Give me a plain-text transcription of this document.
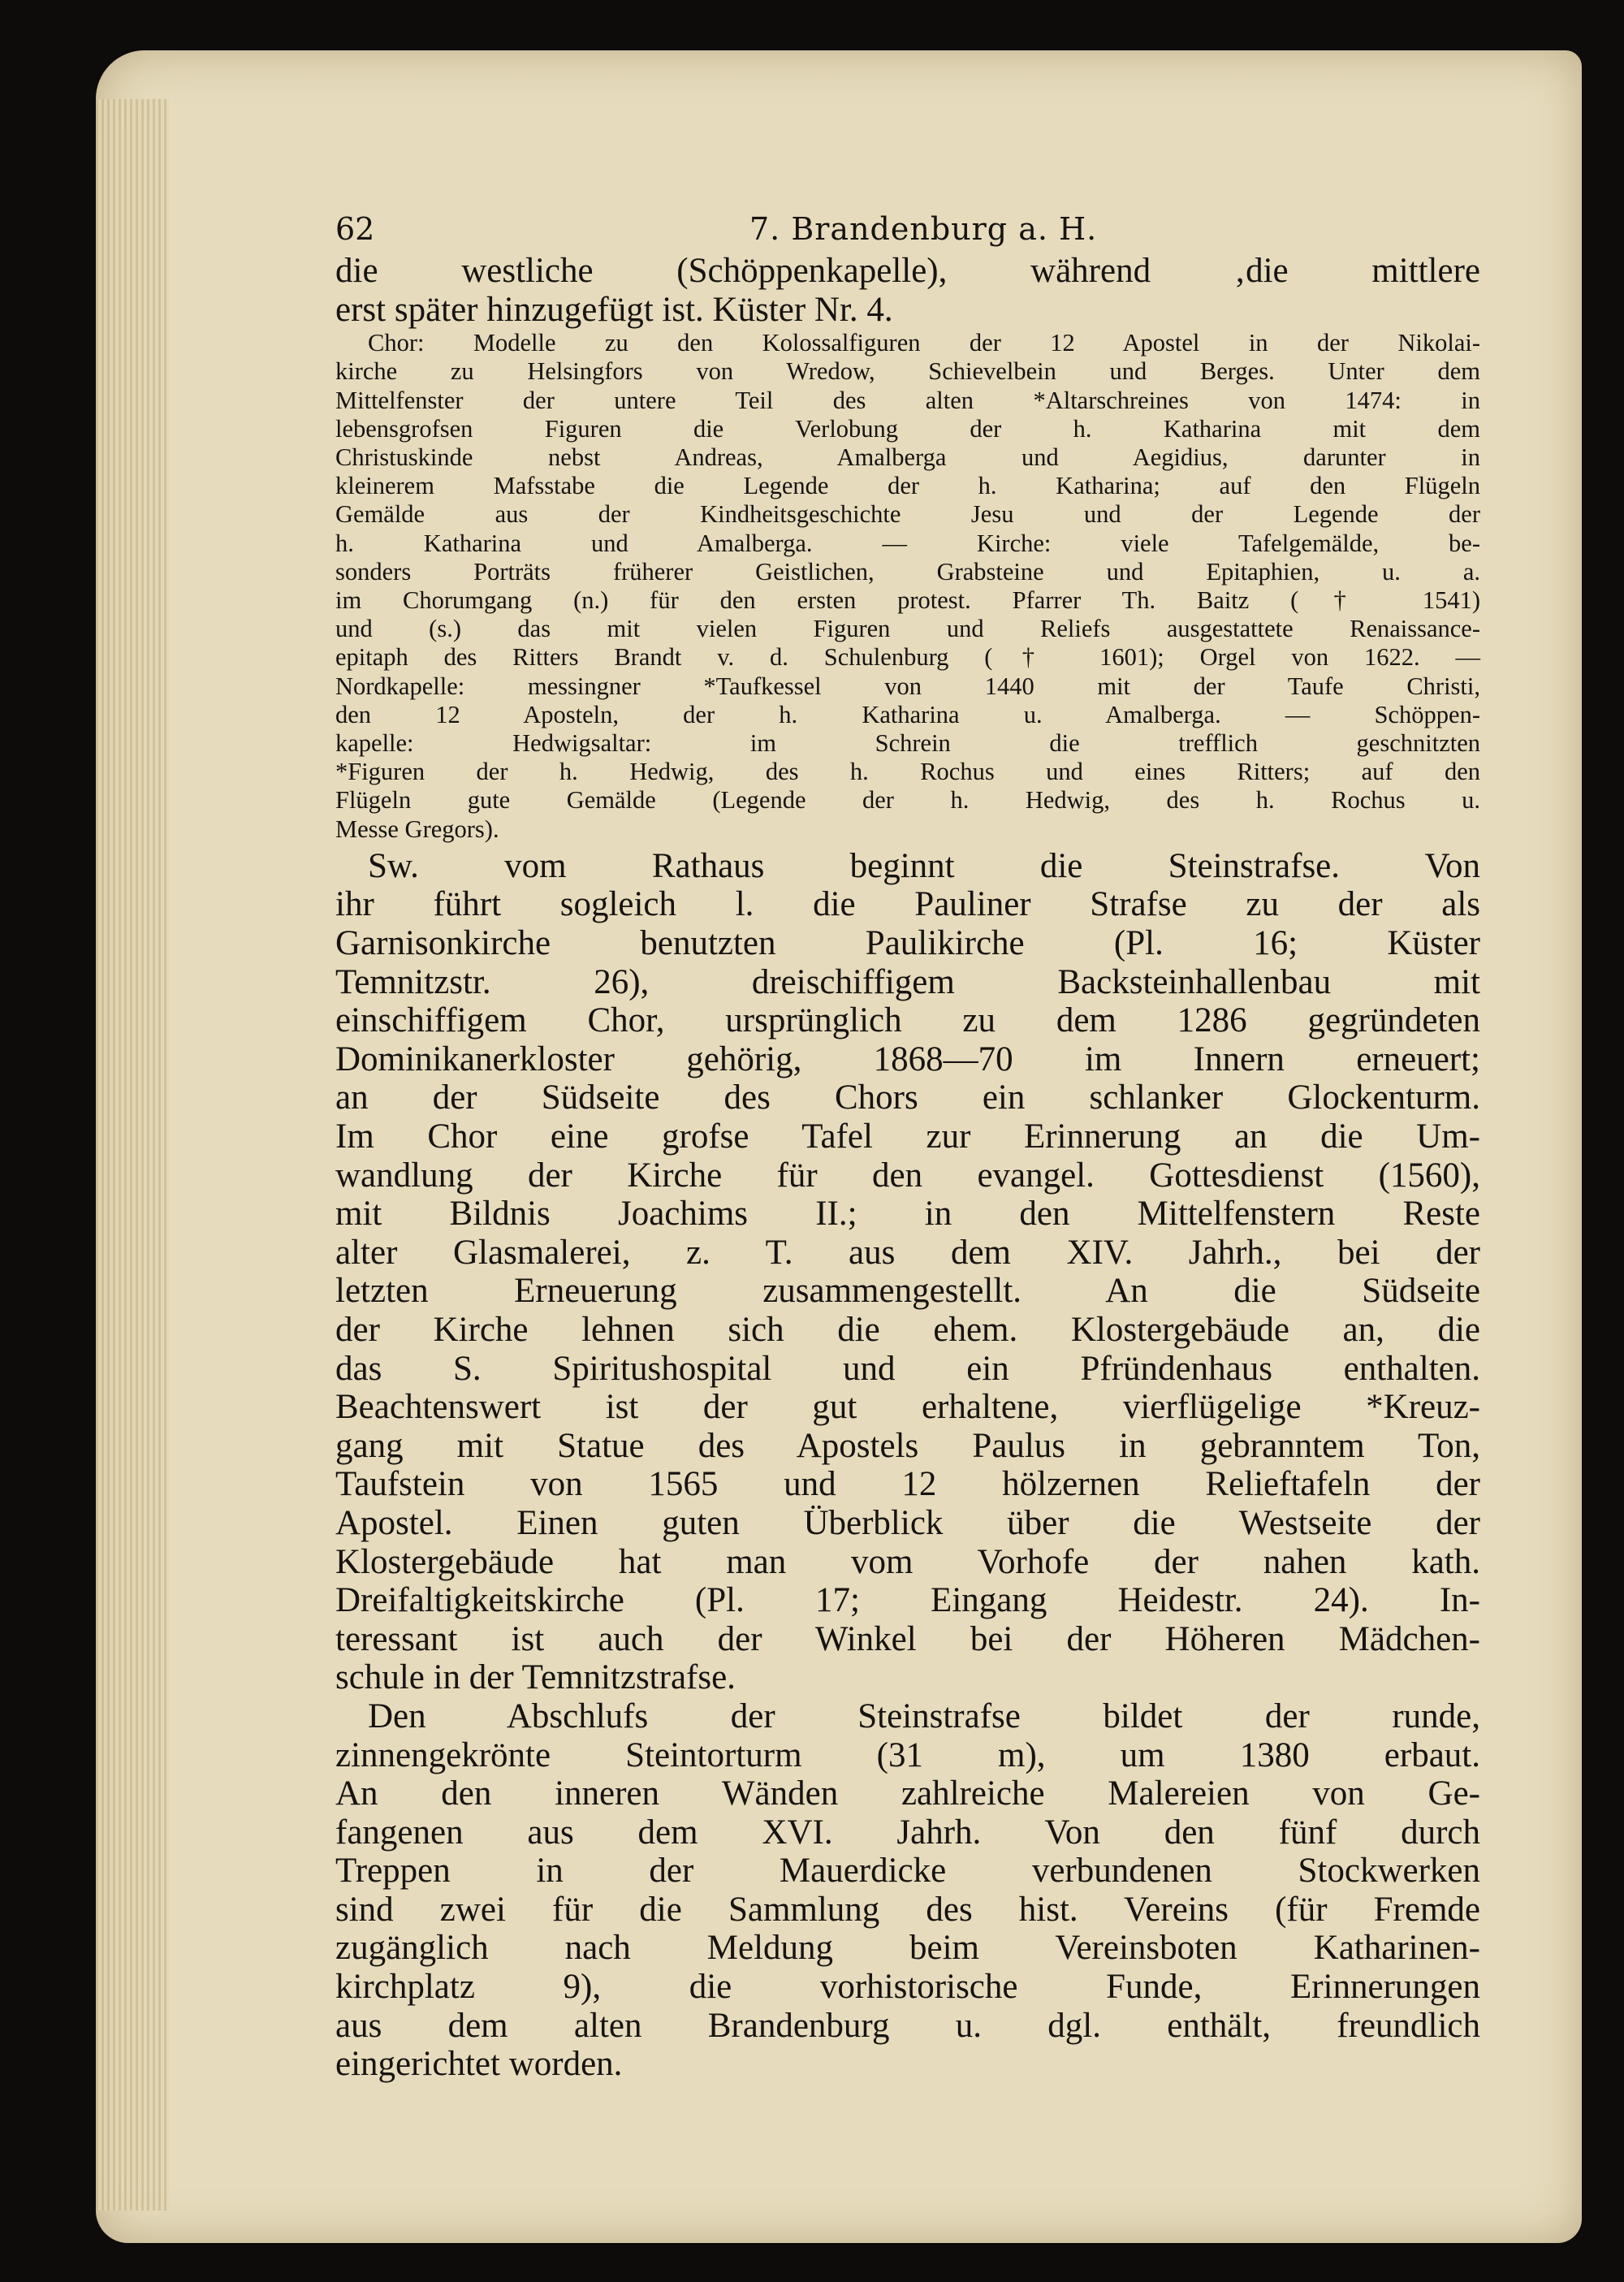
62	7. Brandenburg a. H.
die westliche (Schöppenkapelle), während ‚die mittlere
erst später hinzugefügt ist. Küster Nr. 4.
Chor: Modelle zu den Kolossalfiguren der 12 Apostel in der Nikolai-
kirche zu Helsingfors von Wredow, Schievelbein und Berges. Unter dem
Mittelfenster der untere Teil des alten *Altarschreines von 1474: in
lebensgrofsen Figuren die Verlobung der h. Katharina mit dem
Christuskinde nebst Andreas, Amalberga und Aegidius, darunter in
kleinerem Mafsstabe die Legende der h. Katharina; auf den Flügeln
Gemälde aus der Kindheitsgeschichte Jesu und der Legende der
h. Katharina und Amalberga. — Kirche: viele Tafelgemälde, be-
sonders Porträts früherer Geistlichen, Grabsteine und Epitaphien, u. a.
im Chorumgang (n.) für den ersten protest. Pfarrer Th. Baitz († 1541)
und (s.) das mit vielen Figuren und Reliefs ausgestattete Renaissance-
epitaph des Ritters Brandt v. d. Schulenburg († 1601); Orgel von 1622. —
Nordkapelle: messingner *Taufkessel von 1440 mit der Taufe Christi,
den 12 Aposteln, der h. Katharina u. Amalberga. — Schöppen-
kapelle: Hedwigsaltar: im Schrein die trefflich geschnitzten
*Figuren der h. Hedwig, des h. Rochus und eines Ritters; auf den
Flügeln gute Gemälde (Legende der h. Hedwig, des h. Rochus u.
Messe Gregors).
Sw. vom Rathaus beginnt die Steinstrafse. Von
ihr führt sogleich l. die Pauliner Strafse zu der als
Garnisonkirche benutzten Paulikirche (Pl. 16; Küster
Temnitzstr. 26), dreischiffigem Backsteinhallenbau mit
einschiffigem Chor, ursprünglich zu dem 1286 gegründeten
Dominikanerkloster gehörig, 1868—70 im Innern erneuert;
an der Südseite des Chors ein schlanker Glockenturm.
Im Chor eine grofse Tafel zur Erinnerung an die Um-
wandlung der Kirche für den evangel. Gottesdienst (1560),
mit Bildnis Joachims II.; in den Mittelfenstern Reste
alter Glasmalerei, z. T. aus dem XIV. Jahrh., bei der
letzten Erneuerung zusammengestellt. An die Südseite
der Kirche lehnen sich die ehem. Klostergebäude an, die
das S. Spiritushospital und ein Pfründenhaus enthalten.
Beachtenswert ist der gut erhaltene, vierflügelige *Kreuz-
gang mit Statue des Apostels Paulus in gebranntem Ton,
Taufstein von 1565 und 12 hölzernen Relieftafeln der
Apostel. Einen guten Überblick über die Westseite der
Klostergebäude hat man vom Vorhofe der nahen kath.
Dreifaltigkeitskirche (Pl. 17; Eingang Heidestr. 24). In-
teressant ist auch der Winkel bei der Höheren Mädchen-
schule in der Temnitzstrafse.
Den Abschlufs der Steinstrafse bildet der runde,
zinnengekrönte Steintorturm (31 m), um 1380 erbaut.
An den inneren Wänden zahlreiche Malereien von Ge-
fangenen aus dem XVI. Jahrh. Von den fünf durch
Treppen in der Mauerdicke verbundenen Stockwerken
sind zwei für die Sammlung des hist. Vereins (für Fremde
zugänglich nach Meldung beim Vereinsboten Katharinen-
kirchplatz 9), die vorhistorische Funde, Erinnerungen
aus dem alten Brandenburg u. dgl. enthält, freundlich
eingerichtet worden.
